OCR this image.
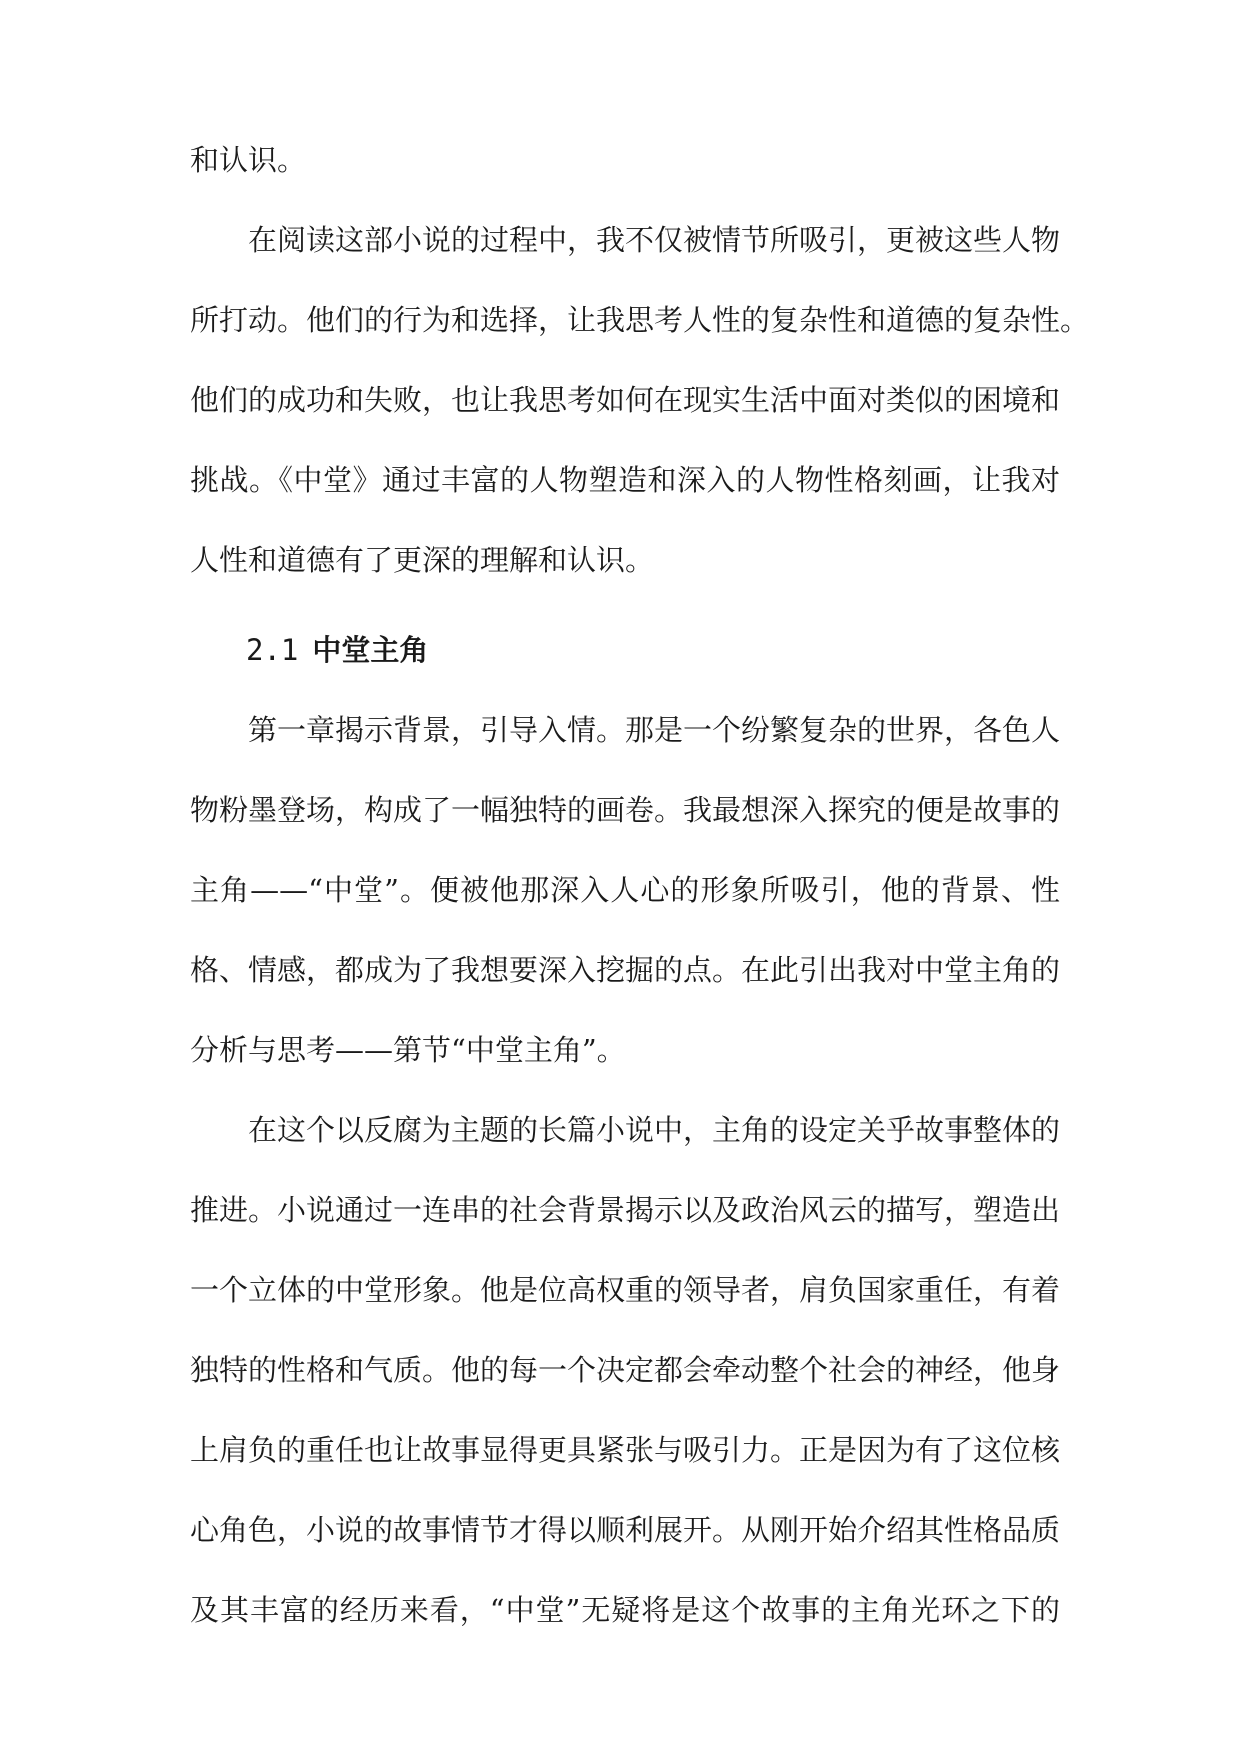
和认识。
在阅读这部小说的过程中，我不仅被情节所吸引，更被这些人物
所打动。他们的行为和选择，让我思考人性的复杂性和道德的复杂性。
他们的成功和失败，也让我思考如何在现实生活中面对类似的困境和
挑战。《中堂》通过丰富的人物塑造和深入的人物性格刻画，让我对
人性和道德有了更深的理解和认识。
2.1 中堂主角
第一章揭示背景，引导入情。那是一个纷繁复杂的世界，各色人
物粉墨登场，构成了一幅独特的画卷。我最想深入探究的便是故事的
主角——“中堂”。便被他那深入人心的形象所吸引，他的背景、性
格、情感，都成为了我想要深入挖掘的点。在此引出我对中堂主角的
分析与思考——第节“中堂主角”。
在这个以反腐为主题的长篇小说中，主角的设定关乎故事整体的
推进。小说通过一连串的社会背景揭示以及政治风云的描写，塑造出
一个立体的中堂形象。他是位高权重的领导者，肩负国家重任，有着
独特的性格和气质。他的每一个决定都会牵动整个社会的神经，他身
上肩负的重任也让故事显得更具紧张与吸引力。正是因为有了这位核
心角色，小说的故事情节才得以顺利展开。从刚开始介绍其性格品质
及其丰富的经历来看，“中堂”无疑将是这个故事的主角光环之下的
